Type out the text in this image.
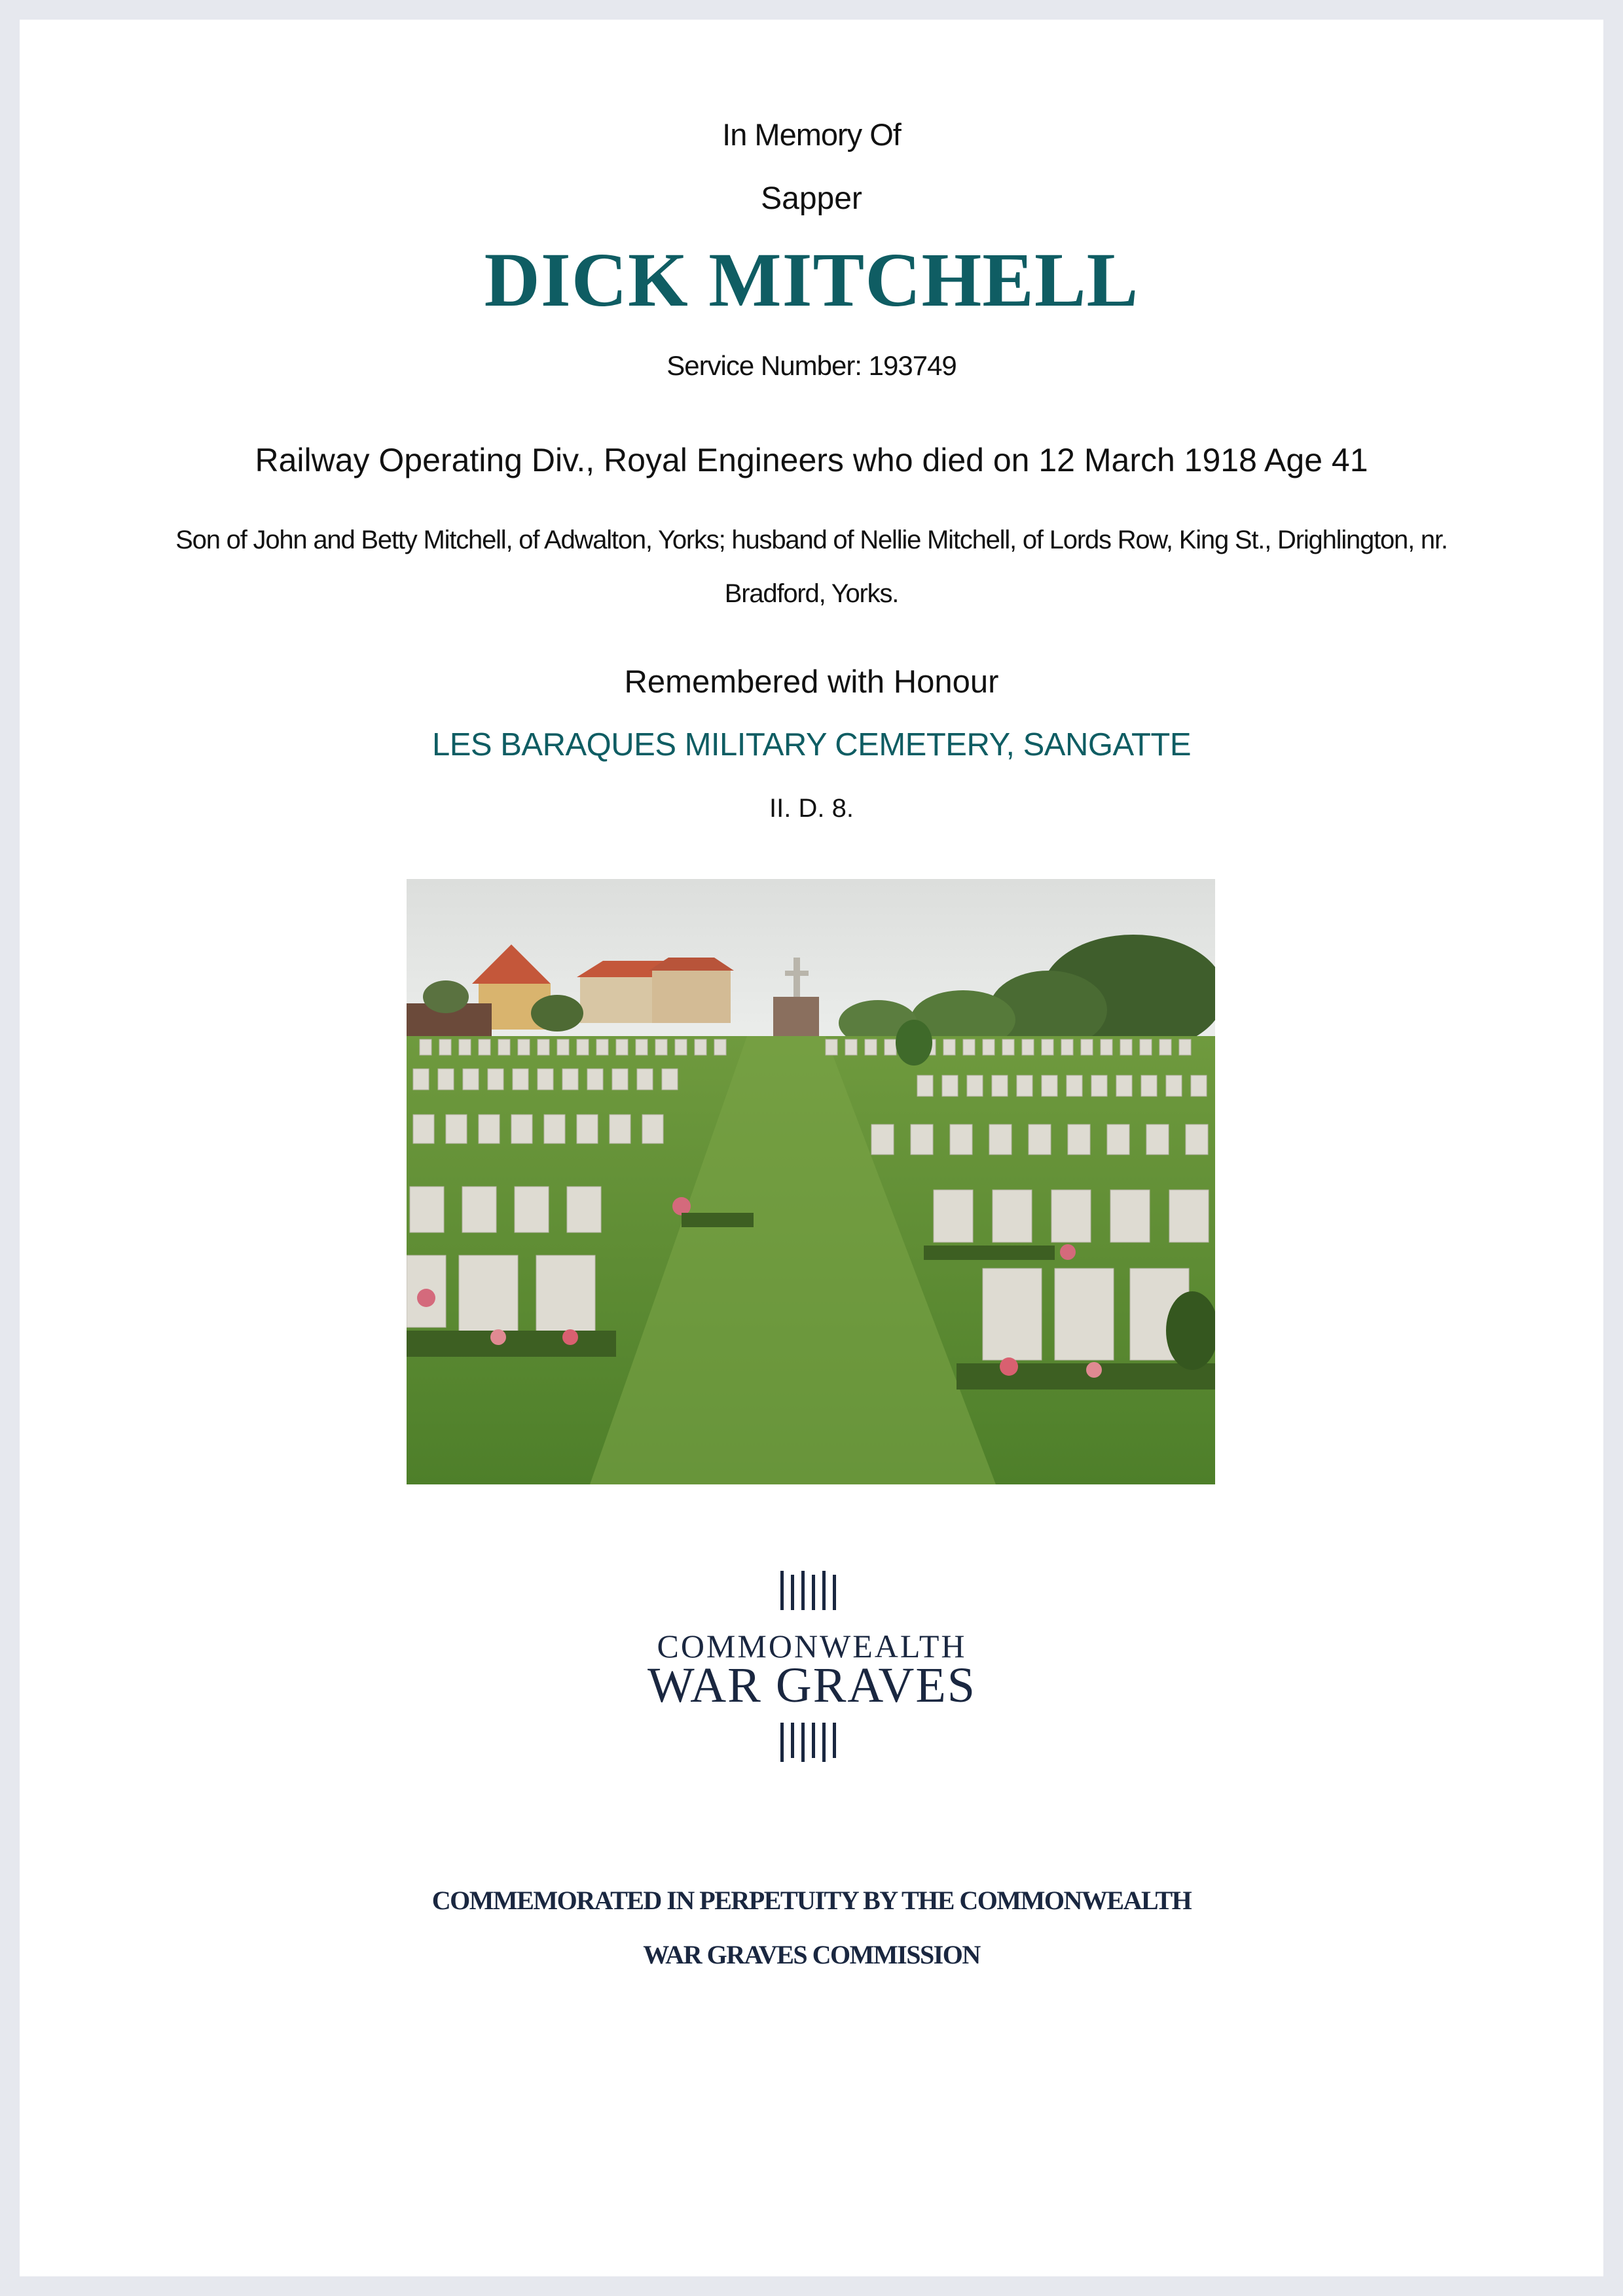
In Memory Of
Sapper
DICK MITCHELL
Service Number: 193749
Railway Operating Div., Royal Engineers who died on 12 March 1918 Age 41
Son of John and Betty Mitchell, of Adwalton, Yorks; husband of Nellie Mitchell, of Lords Row, King St., Drighlington, nr.
Bradford, Yorks.
Remembered with Honour
LES BARAQUES MILITARY CEMETERY, SANGATTE
II. D. 8.
COMMONWEALTH
WAR GRAVES
COMMEMORATED IN PERPETUITY BY THE COMMONWEALTH
WAR GRAVES COMMISSION
